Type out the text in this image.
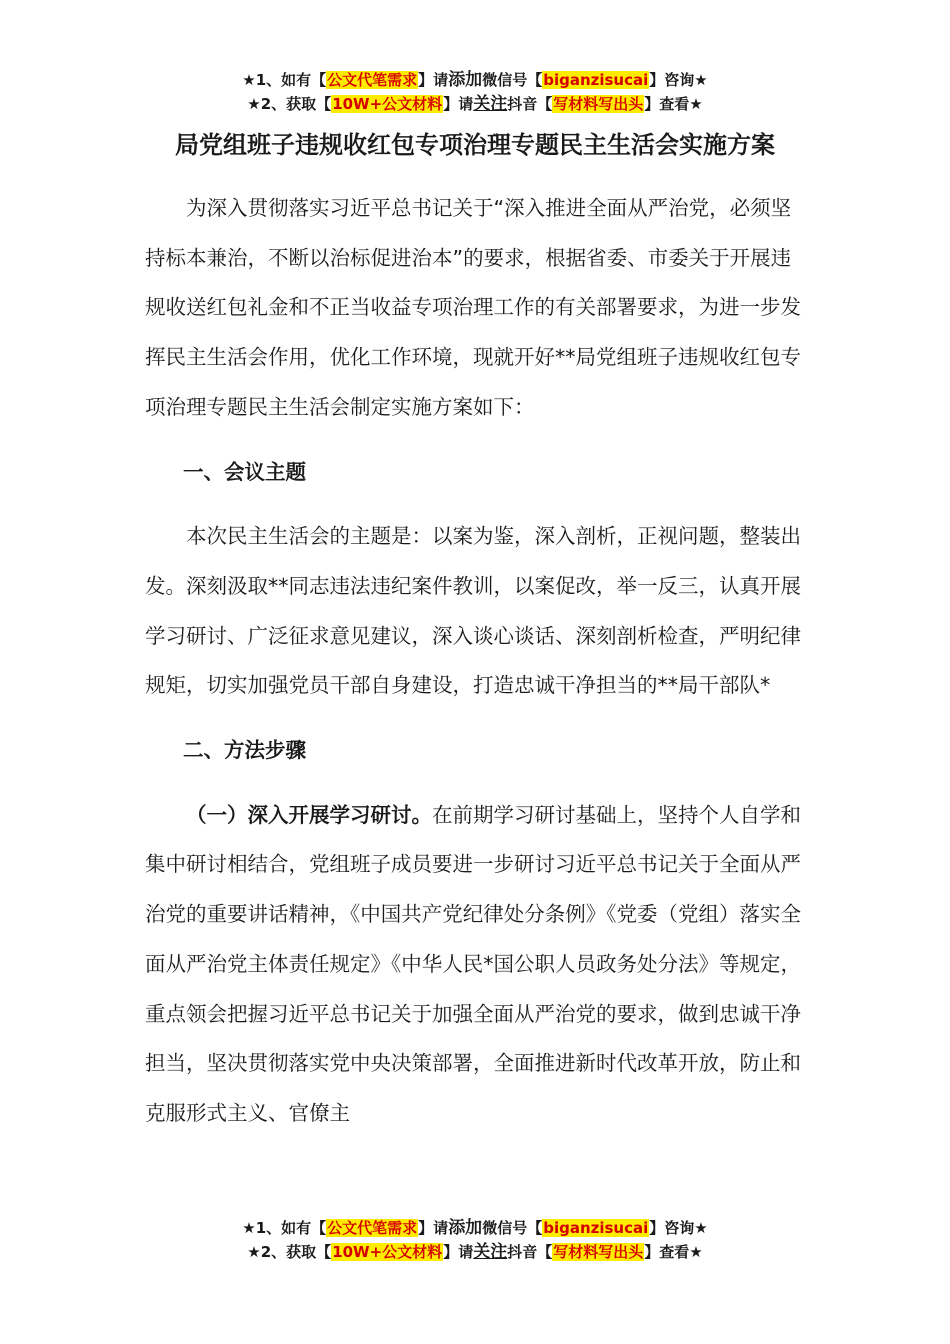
★1、如有【公文代笔需求】请添加微信号【biganzisucai】咨询★
★2、获取【10W+公文材料】请关注抖音【写材料写出头】查看★
局党组班子违规收红包专项治理专题民主生活会实施方案

为深入贯彻落实习近平总书记关于“深入推进全面从严治党，必须坚持标本兼治，不断以治标促进治本”的要求，根据省委、市委关于开展违规收送红包礼金和不正当收益专项治理工作的有关部署要求，为进一步发挥民主生活会作用，优化工作环境，现就开好**局党组班子违规收红包专项治理专题民主生活会制定实施方案如下：

一、会议主题

本次民主生活会的主题是：以案为鉴，深入剖析，正视问题，整装出发。深刻汲取**同志违法违纪案件教训，以案促改，举一反三，认真开展学习研讨、广泛征求意见建议，深入谈心谈话、深刻剖析检查，严明纪律规矩，切实加强党员干部自身建设，打造忠诚干净担当的**局干部队*

二、方法步骤

（一）深入开展学习研讨。在前期学习研讨基础上，坚持个人自学和集中研讨相结合，党组班子成员要进一步研讨习近平总书记关于全面从严治党的重要讲话精神，《中国共产党纪律处分条例》《党委（党组）落实全面从严治党主体责任规定》《中华人民*国公职人员政务处分法》等规定，重点领会把握习近平总书记关于加强全面从严治党的要求，做到忠诚干净担当，坚决贯彻落实党中央决策部署，全面推进新时代改革开放，防止和克服形式主义、官僚主

★1、如有【公文代笔需求】请添加微信号【biganzisucai】咨询★
★2、获取【10W+公文材料】请关注抖音【写材料写出头】查看★
